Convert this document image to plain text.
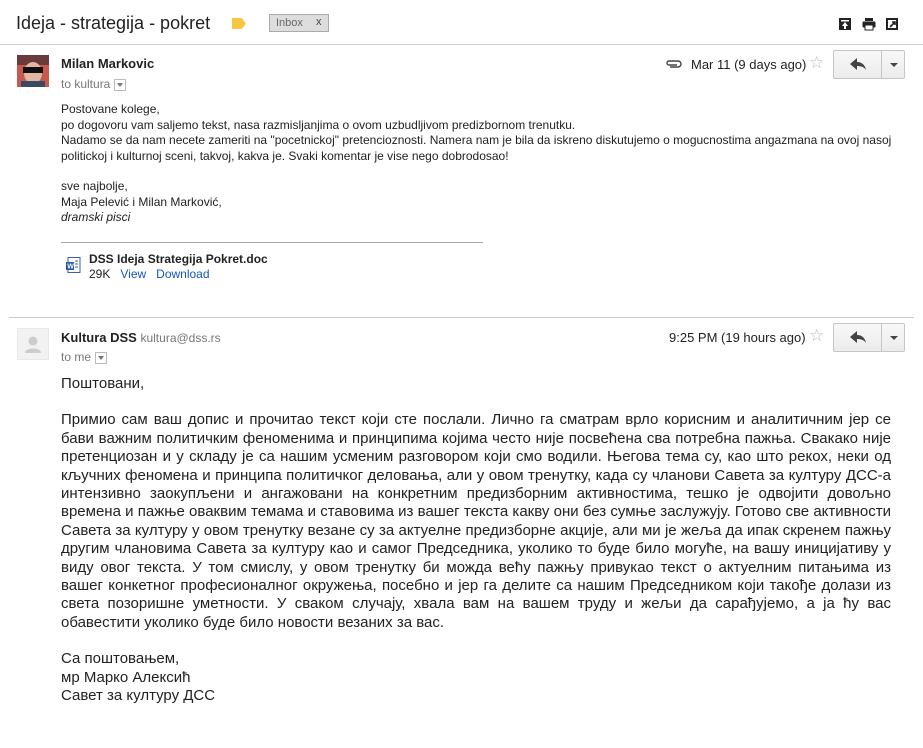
Ideja - strategija - pokret	Inbox x
Milan Markovic
to kultura
Mar 11 (9 days ago) ☆

Postovane kolege,

po dogovoru vam saljemo tekst, nasa razmisljanjima o ovom uzbudljivom predizbornom trenutku.

Nadamo se da nam necete zameriti na "pocetnickoj" pretencioznosti. Namera nam je bila da iskreno diskutujemo o mogucnostima angazmana na ovoj nasoj politickoj i kulturnoj sceni, takvoj, kakva je. Svaki komentar je vise nego dobrodosao!

sve najbolje,

Maja Pelević i Milan Marković,

dramski pisci

W
DSS Ideja Strategija Pokret.doc
29K View Download
Kultura DSS kultura@dss.rs
to me
9:25 PM (19 hours ago) ☆

Поштовани,

Примио сам ваш допис и прочитао текст који сте послали. Лично га сматрам врло корисним и аналитичним јер се бави важним политичким феноменима и принципима којима често није посвећена сва потребна пажња. Свакако није претенциозан и у складу је са нашим усменим разговором који смо водили. Његова тема су, као што рекох, неки од кључних феномена и принципа политичког деловања, али у овом тренутку, када су чланови Савета за културу ДСС-а интензивно заокупљени и ангажовани на конкретним предизборним активностима, тешко је одвојити довољно времена и пажње оваквим темама и ставовима из вашег текста какву они без сумње заслужују. Готово све активности Савета за културу у овом тренутку везане су за актуелне предизборне акције, али ми је жеља да ипак скренем пажњу другим члановима Савета за културу као и самог Председника, уколико то буде било могуће, на вашу иницијативу у виду овог текста. У том смислу, у овом тренутку би можда већу пажњу привукао текст о актуелним питањима из вашег конкетног професионалног окружења, посебно и јер га делите са нашим Председником који такође долази из света позоришне уметности. У сваком случају, хвала вам на вашем труду и жељи да сарађујемо, а ја ћу вас обавестити уколико буде било новости везаних за вас.

Са поштовањем,

мр Марко Алексић

Савет за културу ДСС
